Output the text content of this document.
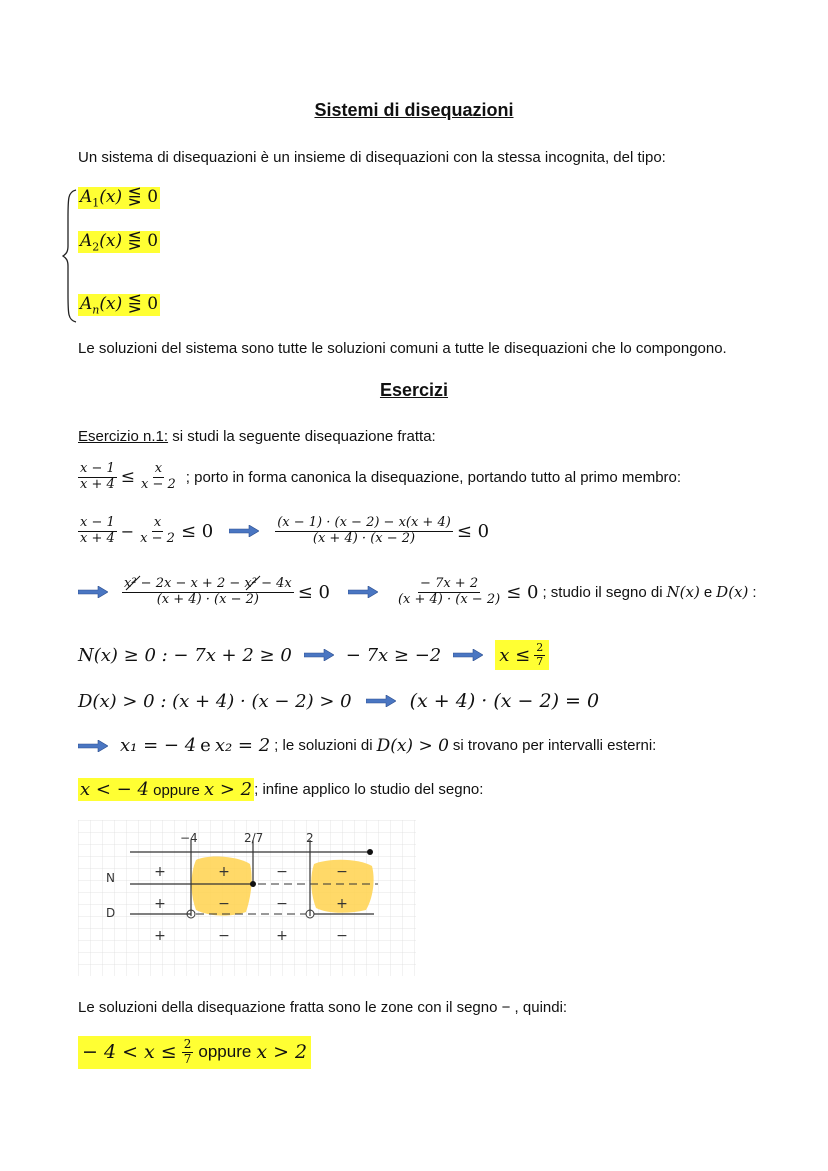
Sistemi di disequazioni
Un sistema di disequazioni è un insieme di disequazioni con la stessa incognita, del tipo:
$A_1(x)$ ⋚ 0
$A_2(x)$ ⋚ 0
$A_n(x)$ ⋚ 0
Le soluzioni del sistema sono tutte le soluzioni comuni a tutte le disequazioni che lo compongono.
Esercizi
Esercizio n.1: si studi la seguente disequazione fratta:
$\frac{x - 1}{x + 4} \le \frac{x}{x - 2}$ ; porto in forma canonica la disequazione, portando tutto al primo membro:
$\frac{x - 1}{x + 4} - \frac{x}{x - 2} \le 0$	$\frac{(x - 1) \cdot (x - 2) - x(x + 4)}{(x + 4) \cdot (x - 2)} \le 0$
x²
− 2x − x + 2 − x²
− 4x
(x + 4) · (x − 2) ≤ 0	$\frac{- 7x + 2}{(x + 4) \cdot (x - 2)} \le 0$ ; studio il segno di N(x) e D(x) :
N(x) ≥ 0 : − 7x + 2 ≥ 0	− 7x ≥ −2	$x \le \frac{2}{7}$
D(x) > 0 : (x + 4) · (x − 2) > 0	(x + 4) · (x − 2) = 0
x₁ = − 4 e x₂ = 2 ; le soluzioni di D(x) > 0 si trovano per intervalli esterni:
x < − 4 oppure x > 2 ; infine applico lo studio del segno:
N
D
−4	2/7	2
+	+	−	−
+	−	−	+
+	−	+	−
Le soluzioni della disequazione fratta sono le zone con il segno − , quindi:
− $4 < x \le \frac{2}{7}$ oppure x > 2
